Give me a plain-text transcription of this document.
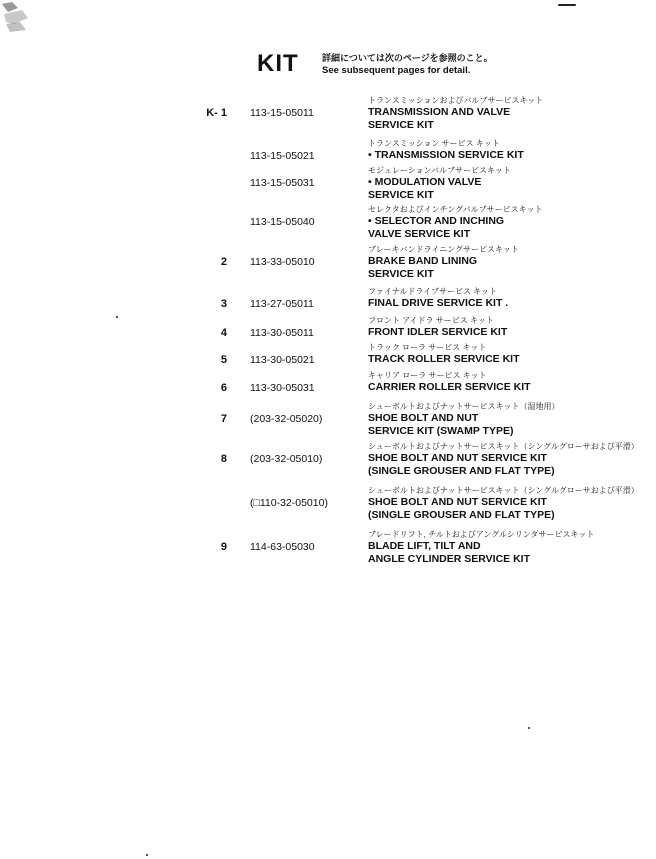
KIT	詳細については次のページを参照のこと。
See subsequent pages for detail.
K- 1 113-15-05011
トランスミッションおよびバルブサービスキット
TRANSMISSION AND VALVE
SERVICE KIT
113-15-05021
トランスミッション サービス キット
• TRANSMISSION SERVICE KIT
113-15-05031
モジュレーションバルブサービスキット
• MODULATION VALVE
SERVICE KIT
113-15-05040
セレクタおよびインチングバルブサービスキット
• SELECTOR AND INCHING
VALVE SERVICE KIT
2 113-33-05010
ブレーキバンドライニングサービスキット
BRAKE BAND LINING
SERVICE KIT
3 113-27-05011
ファイナルドライブサービス キット
FINAL DRIVE SERVICE KIT .
4 113-30-05011
フロント アイドラ サービス キット
FRONT IDLER SERVICE KIT
5 113-30-05021
トラック ローラ サービス キット
TRACK ROLLER SERVICE KIT
6 113-30-05031
キャリア ローラ サービス キット
CARRIER ROLLER SERVICE KIT
7 (203-32-05020)
シューボルトおよびナットサービスキット（湿地用）
SHOE BOLT AND NUT
SERVICE KIT (SWAMP TYPE)
8 (203-32-05010)
シューボルトおよびナットサービスキット（シングルグローサおよび平滑）
SHOE BOLT AND NUT SERVICE KIT
(SINGLE GROUSER AND FLAT TYPE)
(□110-32-05010)
シューボルトおよびナットサービスキット（シングルグローサおよび平滑）
SHOE BOLT AND NUT SERVICE KIT
(SINGLE GROUSER AND FLAT TYPE)
9 114-63-05030
ブレードリフト, チルトおよびアングルシリンダサービスキット
BLADE LIFT, TILT AND
ANGLE CYLINDER SERVICE KIT
